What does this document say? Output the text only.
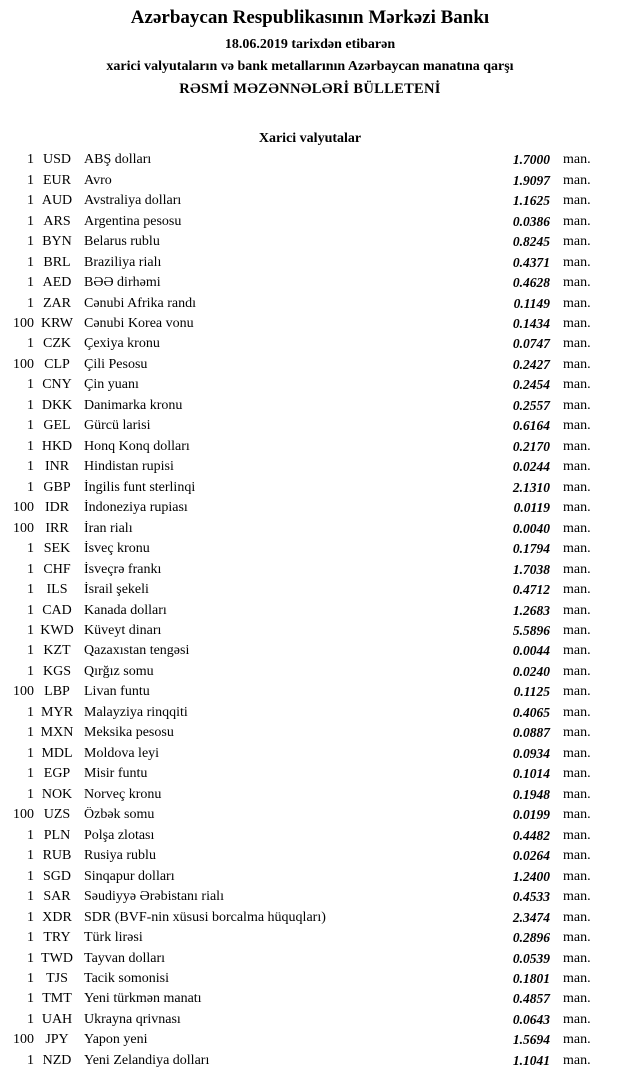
Azərbaycan Respublikasının Mərkəzi Bankı
18.06.2019 tarixdən etibarən
xarici valyutaların və bank metallarının Azərbaycan manatına qarşı
RƏSMİ MƏZƏNNƏLƏRİ BÜLLETENİ
Xarici valyutalar
1 USD ABŞ dolları	1.7000 man.
1 EUR Avro	1.9097 man.
1 AUD Avstraliya dolları	1.1625 man.
1 ARS Argentina pesosu	0.0386 man.
1 BYN Belarus rublu	0.8245 man.
1 BRL Braziliya rialı	0.4371 man.
1 AED BƏƏ dirhəmi	0.4628 man.
1 ZAR Cənubi Afrika randı	0.1149 man.
100 KRW Cənubi Korea vonu	0.1434 man.
1 CZK Çexiya kronu	0.0747 man.
100 CLP	Çili Pesosu	0.2427 man.
1 CNY Çin yuanı	0.2454 man.
1 DKK Danimarka kronu	0.2557 man.
1 GEL Gürcü larisi	0.6164 man.
1 HKD Honq Konq dolları	0.2170 man.
1 INR	Hindistan rupisi	0.0244 man.
1 GBP İngilis funt sterlinqi	2.1310 man.
100 IDR	İndoneziya rupiası	0.0119 man.
100 IRR	İran rialı	0.0040 man.
1 SEK İsveç kronu	0.1794 man.
1 CHF İsveçrə frankı	1.7038 man.
1 ILS	İsrail şekeli	0.4712 man.
1 CAD Kanada dolları	1.2683 man.
1 KWD Küveyt dinarı	5.5896 man.
1 KZT Qazaxıstan tengəsi	0.0044 man.
1 KGS Qırğız somu	0.0240 man.
100 LBP	Livan funtu	0.1125 man.
1 MYR Malayziya rinqqiti	0.4065 man.
1 MXN Meksika pesosu	0.0887 man.
1 MDL Moldova leyi	0.0934 man.
1 EGP Misir funtu	0.1014 man.
1 NOK Norveç kronu	0.1948 man.
100 UZS Özbək somu	0.0199 man.
1 PLN Polşa zlotası	0.4482 man.
1 RUB Rusiya rublu	0.0264 man.
1 SGD Sinqapur dolları	1.2400 man.
1 SAR Səudiyyə Ərəbistanı rialı	0.4533 man.
1 XDR SDR (BVF-nin xüsusi borcalma hüquqları)	2.3474 man.
1 TRY Türk lirəsi	0.2896 man.
1 TWD Tayvan dolları	0.0539 man.
1 TJS	Tacik somonisi	0.1801 man.
1 TMT Yeni türkmən manatı	0.4857 man.
1 UAH Ukrayna qrivnası	0.0643 man.
100 JPY	Yapon yeni	1.5694 man.
1 NZD Yeni Zelandiya dolları	1.1041 man.
